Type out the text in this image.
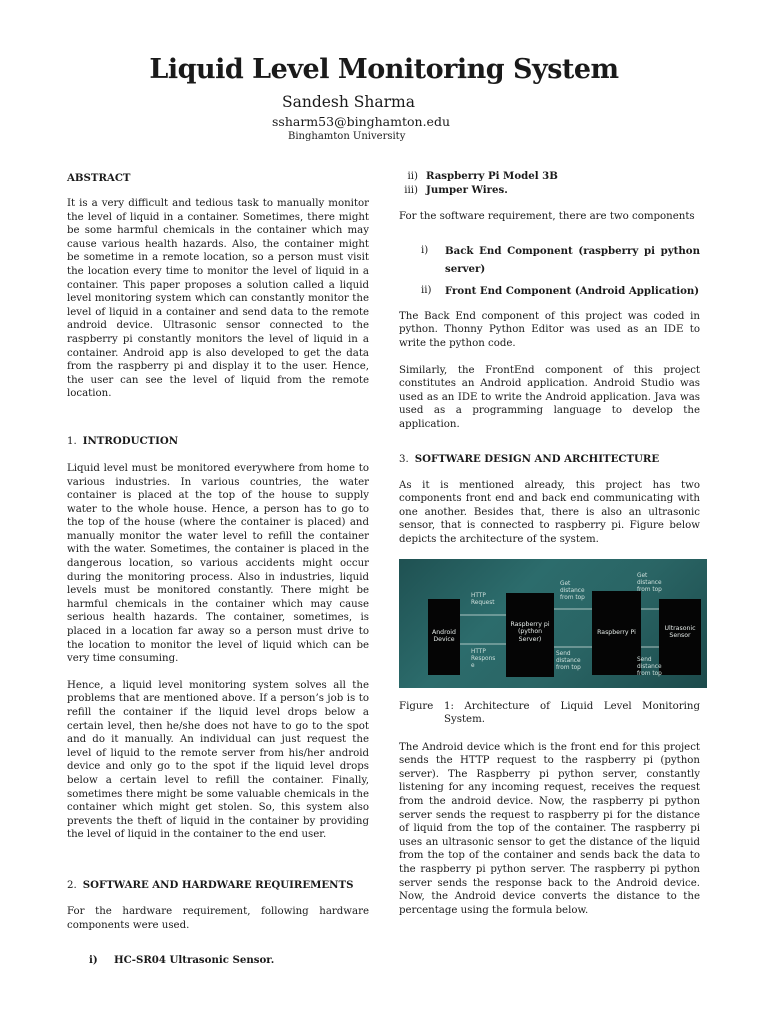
Liquid Level Monitoring System
Sandesh Sharma
ssharm53@binghamton.edu
Binghamton University
ABSTRACT

It is a very difficult and tedious task to manually monitor the level of liquid in a container. Sometimes, there might be some harmful chemicals in the container which may cause various health hazards. Also, the container might be sometime in a remote location, so a person must visit the location every time to monitor the level of liquid in a container. This paper proposes a solution called a liquid level monitoring system which can constantly monitor the level of liquid in a container and send data to the remote android device. Ultrasonic sensor connected to the raspberry pi constantly monitors the level of liquid in a container. Android app is also developed to get the data from the raspberry pi and display it to the user. Hence, the user can see the level of liquid from the remote location.

1. INTRODUCTION

Liquid level must be monitored everywhere from home to various industries. In various countries, the water container is placed at the top of the house to supply water to the whole house. Hence, a person has to go to the top of the house (where the container is placed) and manually monitor the water level to refill the container with the water. Sometimes, the container is placed in the dangerous location, so various accidents might occur during the monitoring process. Also in industries, liquid levels must be monitored constantly. There might be harmful chemicals in the container which may cause serious health hazards. The container, sometimes, is placed in a location far away so a person must drive to the location to monitor the level of liquid which can be very time consuming.

Hence, a liquid level monitoring system solves all the problems that are mentioned above. If a person’s job is to refill the container if the liquid level drops below a certain level, then he/she does not have to go to the spot and do it manually. An individual can just request the level of liquid to the remote server from his/her android device and only go to the spot if the liquid level drops below a certain level to refill the container. Finally, sometimes there might be some valuable chemicals in the container which might get stolen. So, this system also prevents the theft of liquid in the container by providing the level of liquid in the container to the end user.

2. SOFTWARE AND HARDWARE REQUIREMENTS

For the hardware requirement, following hardware components were used.

i)	HC-SR04 Ultrasonic Sensor.
ii) Raspberry Pi Model 3B
iii) Jumper Wires.

For the software requirement, there are two components

i)	Back End Component (raspberry pi python server)
ii)	Front End Component (Android Application)

The Back End component of this project was coded in python. Thonny Python Editor was used as an IDE to write the python code.

Similarly, the FrontEnd component of this project constitutes an Android application. Android Studio was used as an IDE to write the Android application. Java was used as a programming language to develop the application.

3. SOFTWARE DESIGN AND ARCHITECTURE

As it is mentioned already, this project has two components front end and back end communicating with one another. Besides that, there is also an ultrasonic sensor, that is connected to raspberry pi. Figure below depicts the architecture of the system.

Android Device
Raspberry pi (python Server)
Raspberry Pi
Ultrasonic Sensor
HTTP Request
HTTP Respons e
Get distance from top
Send distance from top
Get distance from top
Send distance from top
Figure	1: Architecture of Liquid Level Monitoring System.

The Android device which is the front end for this project sends the HTTP request to the raspberry pi (python server). The Raspberry pi python server, constantly listening for any incoming request, receives the request from the android device. Now, the raspberry pi python server sends the request to raspberry pi for the distance of liquid from the top of the container. The raspberry pi uses an ultrasonic sensor to get the distance of the liquid from the top of the container and sends back the data to the raspberry pi python server. The raspberry pi python server sends the response back to the Android device. Now, the Android device converts the distance to the percentage using the formula below.
